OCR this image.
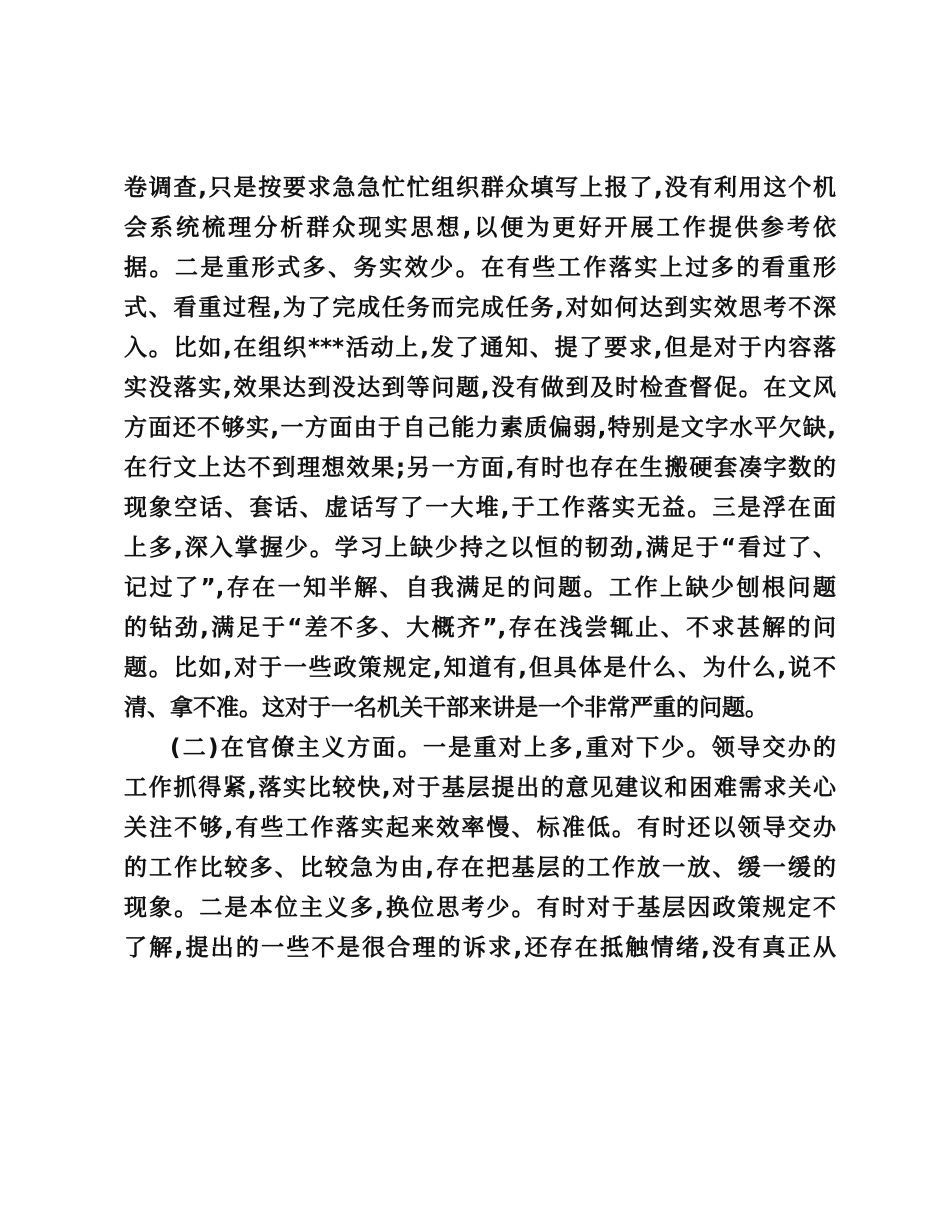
卷调查,只是按要求急急忙忙组织群众填写上报了,没有利用这个机
会系统梳理分析群众现实思想,以便为更好开展工作提供参考依
据。二是重形式多、务实效少。在有些工作落实上过多的看重形
式、看重过程,为了完成任务而完成任务,对如何达到实效思考不深
入。比如,在组织***活动上,发了通知、提了要求,但是对于内容落
实没落实,效果达到没达到等问题,没有做到及时检查督促。在文风
方面还不够实,一方面由于自己能力素质偏弱,特别是文字水平欠缺,
在行文上达不到理想效果;另一方面,有时也存在生搬硬套凑字数的
现象空话、套话、虚话写了一大堆,于工作落实无益。三是浮在面
上多,深入掌握少。学习上缺少持之以恒的韧劲,满足于“看过了、
记过了”,存在一知半解、自我满足的问题。工作上缺少刨根问题
的钻劲,满足于“差不多、大概齐”,存在浅尝辄止、不求甚解的问
题。比如,对于一些政策规定,知道有,但具体是什么、为什么,说不
清、拿不准。这对于一名机关干部来讲是一个非常严重的问题。
(二)在官僚主义方面。一是重对上多,重对下少。领导交办的
工作抓得紧,落实比较快,对于基层提出的意见建议和困难需求关心
关注不够,有些工作落实起来效率慢、标准低。有时还以领导交办
的工作比较多、比较急为由,存在把基层的工作放一放、缓一缓的
现象。二是本位主义多,换位思考少。有时对于基层因政策规定不
了解,提出的一些不是很合理的诉求,还存在抵触情绪,没有真正从
